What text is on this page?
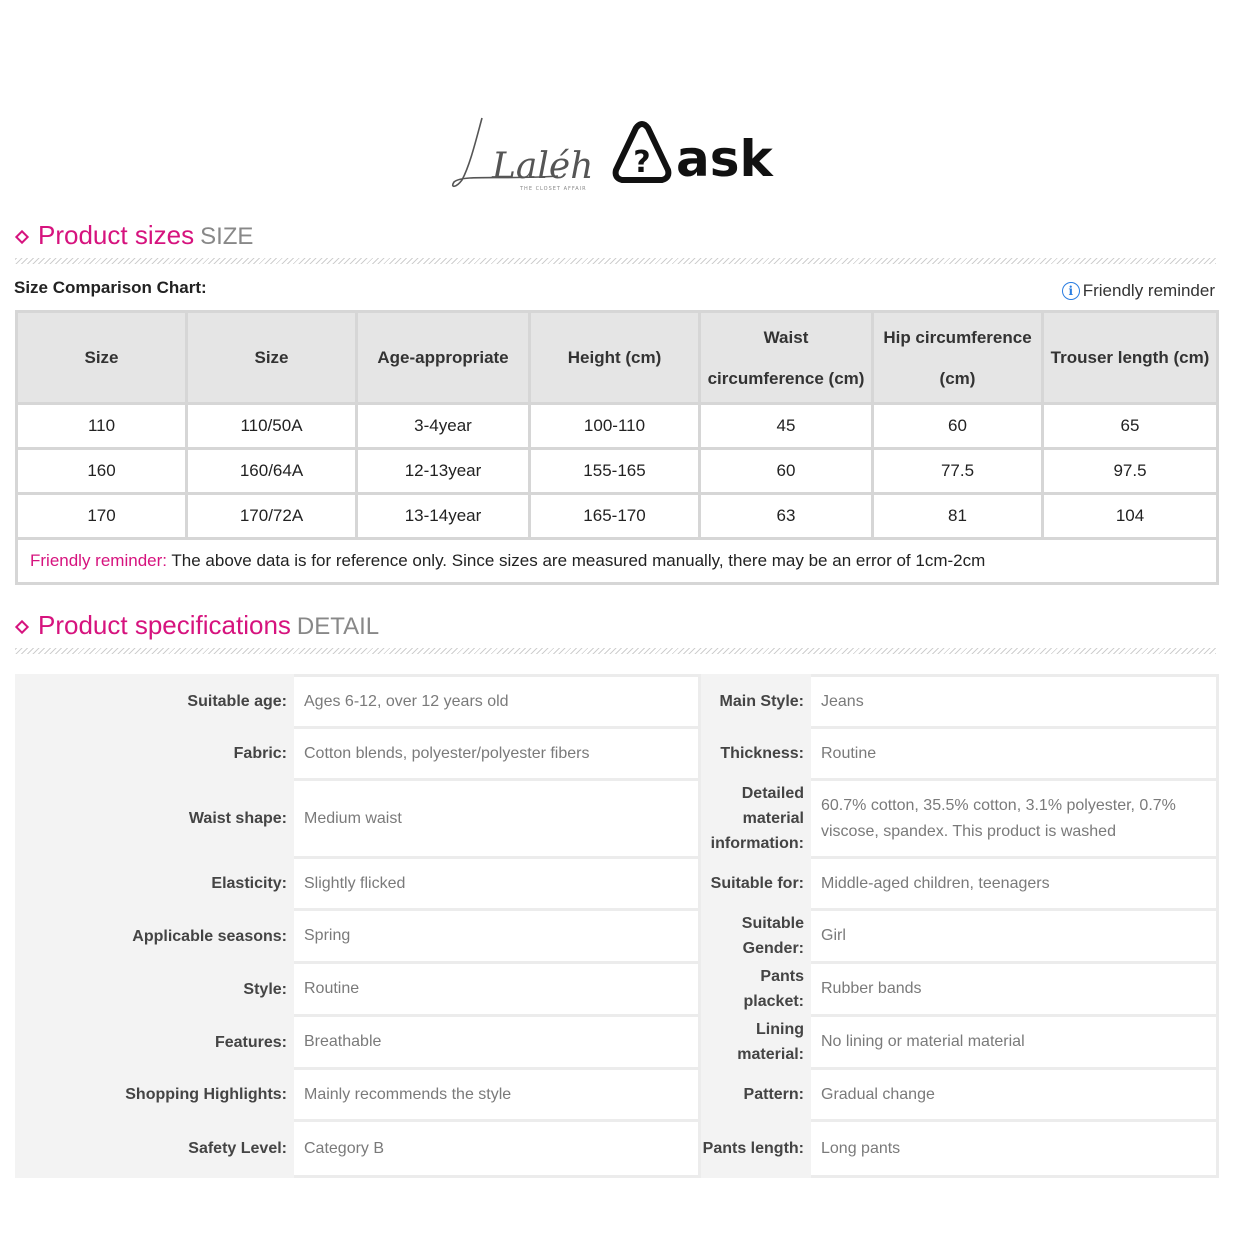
Laléh
THE CLOSET AFFAIR
? ask
Product sizes SIZE
Size Comparison Chart:	i Friendly reminder
Size	Size	Age-appropriate	Height (cm)	Waist circumference (cm)	Hip circumference (cm)	Trouser length (cm)
110	110/50A	3-4year	100-110	45	60	65
160	160/64A	12-13year	155-165	60	77.5	97.5
170	170/72A	13-14year	165-170	63	81	104
Friendly reminder: The above data is for reference only. Since sizes are measured manually, there may be an error of 1cm-2cm						
Product specifications DETAIL
Suitable age:	Ages 6-12, over 12 years old	Main Style:	Jeans
Fabric:	Cotton blends, polyester/polyester fibers	Thickness:	Routine
Waist shape:	Medium waist	Detailed material information:	60.7% cotton, 35.5% cotton, 3.1% polyester, 0.7% viscose, spandex. This product is washed
Elasticity:	Slightly flicked	Suitable for:	Middle-aged children, teenagers
Applicable seasons:	Spring	Suitable Gender:	Girl
Style:	Routine	Pants placket:	Rubber bands
Features:	Breathable	Lining material:	No lining or material material
Shopping Highlights:	Mainly recommends the style	Pattern:	Gradual change
Safety Level:	Category B	Pants length:	Long pants
